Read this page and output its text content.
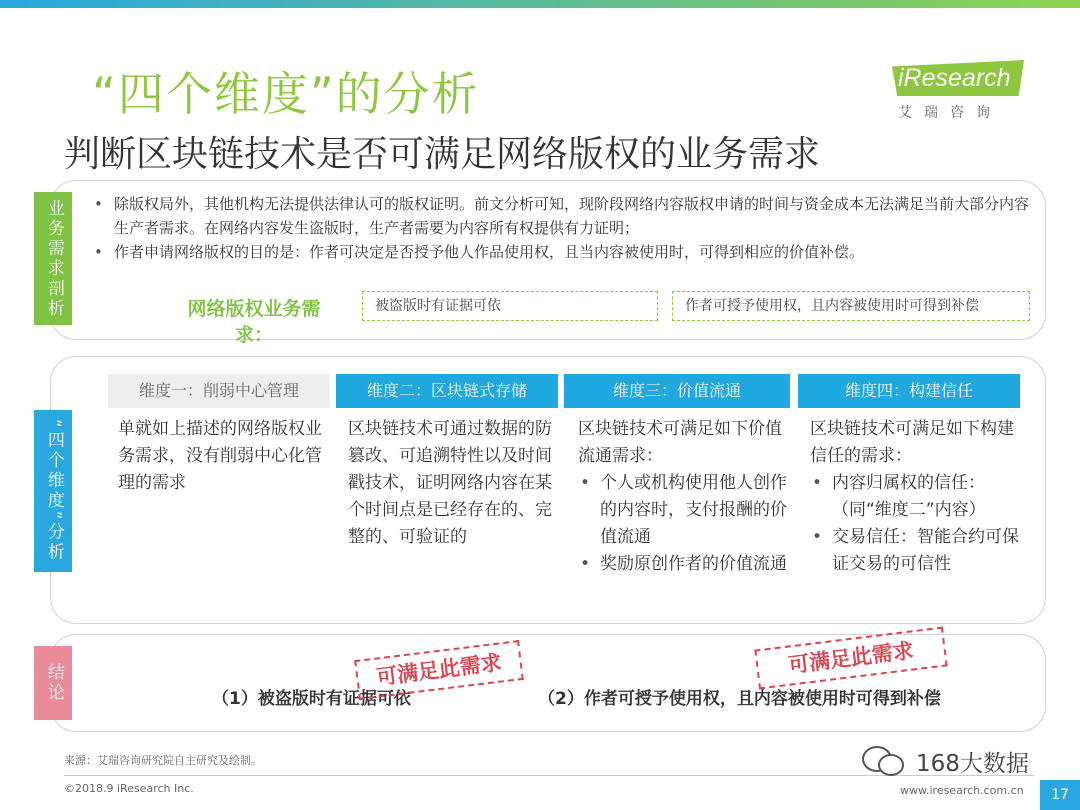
“四个维度”的分析
判断区块链技术是否可满足网络版权的业务需求
iResearch
艾瑞咨询
业务需求剖析
•	除版权局外，其他机构无法提供法律认可的版权证明。前文分析可知，现阶段网络内容版权申请的时间与资金成本无法满足当前大部分内容生产者需求。在网络内容发生盗版时，生产者需要为内容所有权提供有力证明；
• 作者申请网络版权的目的是：作者可决定是否授予他人作品使用权，且当内容被使用时，可得到相应的价值补偿。
网络版权业务需求：
被盗版时有证据可依	作者可授予使用权，且内容被使用时可得到补偿
“四个维度”分析
维度一：削弱中心管理	维度二：区块链式存储	维度三：价值流通	维度四：构建信任
单就如上描述的网络版权业务需求，没有削弱中心化管理的需求
区块链技术可通过数据的防篡改、可追溯特性以及时间戳技术，证明网络内容在某个时间点是已经存在的、完整的、可验证的
区块链技术可满足如下价值流通需求：
• 个人或机构使用他人创作的内容时，支付报酬的价值流通
• 奖励原创作者的价值流通
区块链技术可满足如下构建信任的需求：
• 内容归属权的信任：（同“维度二”内容）
• 交易信任：智能合约可保证交易的可信性
结论	（1）被盗版时有证据可依	（2）作者可授予使用权，且内容被使用时可得到补偿
可满足此需求	可满足此需求
来源：艾瑞咨询研究院自主研究及绘制。
©2018.9 iResearch Inc.	www.iresearch.com.cn	17
168大数据
